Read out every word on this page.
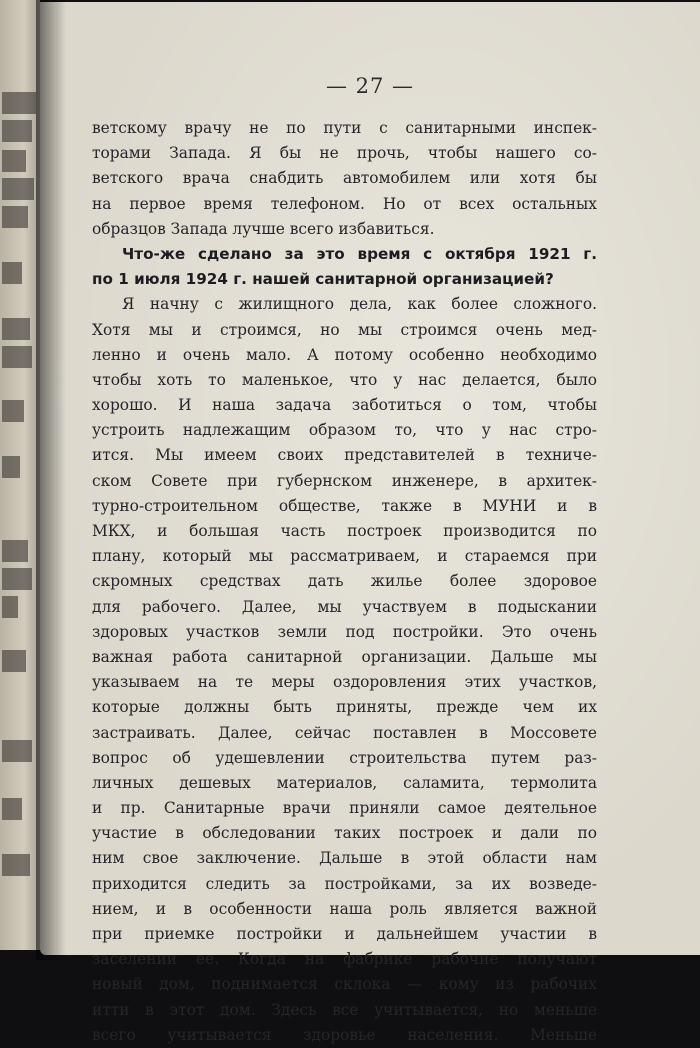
— 27 —
ветскому врачу не по пути с санитарными инспек-
торами Запада. Я бы не прочь, чтобы нашего со-
ветского врача снабдить автомобилем или хотя бы
на первое время телефоном. Но от всех остальных
образцов Запада лучше всего избавиться.
Что-же сделано за это время с октября 1921 г.
по 1 июля 1924 г. нашей санитарной организацией?
Я начну с жилищного дела, как более сложного.
Хотя мы и строимся, но мы строимся очень мед-
ленно и очень мало. А потому особенно необходимо
чтобы хоть то маленькое, что у нас делается, было
хорошо. И наша задача заботиться о том, чтобы
устроить надлежащим образом то, что у нас стро-
ится. Мы имеем своих представителей в техниче-
ском Совете при губернском инженере, в архитек-
турно-строительном обществе, также в МУНИ и в
МКХ, и большая часть построек производится по
плану, который мы рассматриваем, и стараемся при
скромных средствах дать жилье более здоровое
для рабочего. Далее, мы участвуем в подыскании
здоровых участков земли под постройки. Это очень
важная работа санитарной организации. Дальше мы
указываем на те меры оздоровления этих участков,
которые должны быть приняты, прежде чем их
застраивать. Далее, сейчас поставлен в Моссовете
вопрос об удешевлении строительства путем раз-
личных дешевых материалов, саламита, термолита
и пр. Санитарные врачи приняли самое деятельное
участие в обследовании таких построек и дали по
ним свое заключение. Дальше в этой области нам
приходится следить за постройками, за их возведе-
нием, и в особенности наша роль является важной
при приемке постройки и дальнейшем участии в
заселении ее. Когда на фабрике рабочие получают
новый дом, поднимается склока — кому из рабочих
итти в этот дом. Здесь все учитывается, но меньше
всего учитывается здоровье населения. Меньше
